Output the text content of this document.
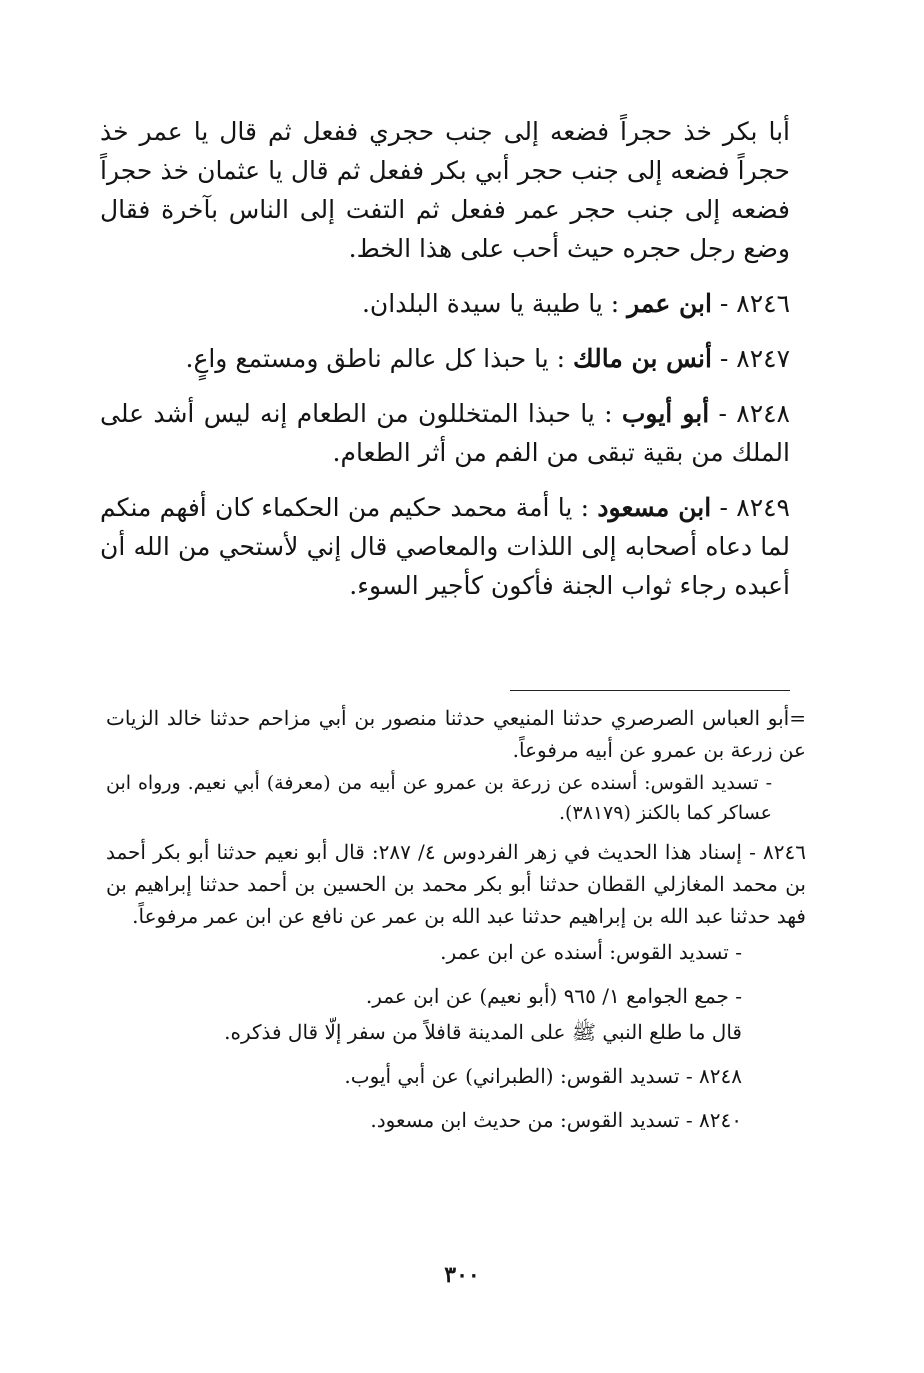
أبا بكر خذ حجراً فضعه إلى جنب حجري ففعل ثم قال يا عمر خذ حجراً فضعه إلى جنب حجر أبي بكر ففعل ثم قال يا عثمان خذ حجراً فضعه إلى جنب حجر عمر ففعل ثم التفت إلى الناس بآخرة فقال وضع رجل حجره حيث أحب على هذا الخط.

٨٢٤٦ - ابن عمر : يا طيبة يا سيدة البلدان.

٨٢٤٧ - أنس بن مالك : يا حبذا كل عالم ناطق ومستمع واعٍ.

٨٢٤٨ - أبو أيوب : يا حبذا المتخللون من الطعام إنه ليس أشد على الملك من بقية تبقى من الفم من أثر الطعام.

٨٢٤٩ - ابن مسعود : يا أمة محمد حكيم من الحكماء كان أفهم منكم لما دعاه أصحابه إلى اللذات والمعاصي قال إني لأستحي من الله أن أعبده رجاء ثواب الجنة فأكون كأجير السوء.

=أبو العباس الصرصري حدثنا المنيعي حدثنا منصور بن أبي مزاحم حدثنا خالد الزيات عن زرعة بن عمرو عن أبيه مرفوعاً.

- تسديد القوس: أسنده عن زرعة بن عمرو عن أبيه من (معرفة) أبي نعيم. ورواه ابن عساكر كما بالكنز (٣٨١٧٩).

٨٢٤٦ - إسناد هذا الحديث في زهر الفردوس ٤/ ٢٨٧: قال أبو نعيم حدثنا أبو بكر أحمد بن محمد المغازلي القطان حدثنا أبو بكر محمد بن الحسين بن أحمد حدثنا إبراهيم بن فهد حدثنا عبد الله بن إبراهيم حدثنا عبد الله بن عمر عن نافع عن ابن عمر مرفوعاً.

- تسديد القوس: أسنده عن ابن عمر.

- جمع الجوامع ١/ ٩٦٥ (أبو نعيم) عن ابن عمر.

قال ما طلع النبي ﷺ على المدينة قافلاً من سفر إلّا قال فذكره.

٨٢٤٨ - تسديد القوس: (الطبراني) عن أبي أيوب.

٨٢٤٠ - تسديد القوس: من حديث ابن مسعود.

٣٠٠
